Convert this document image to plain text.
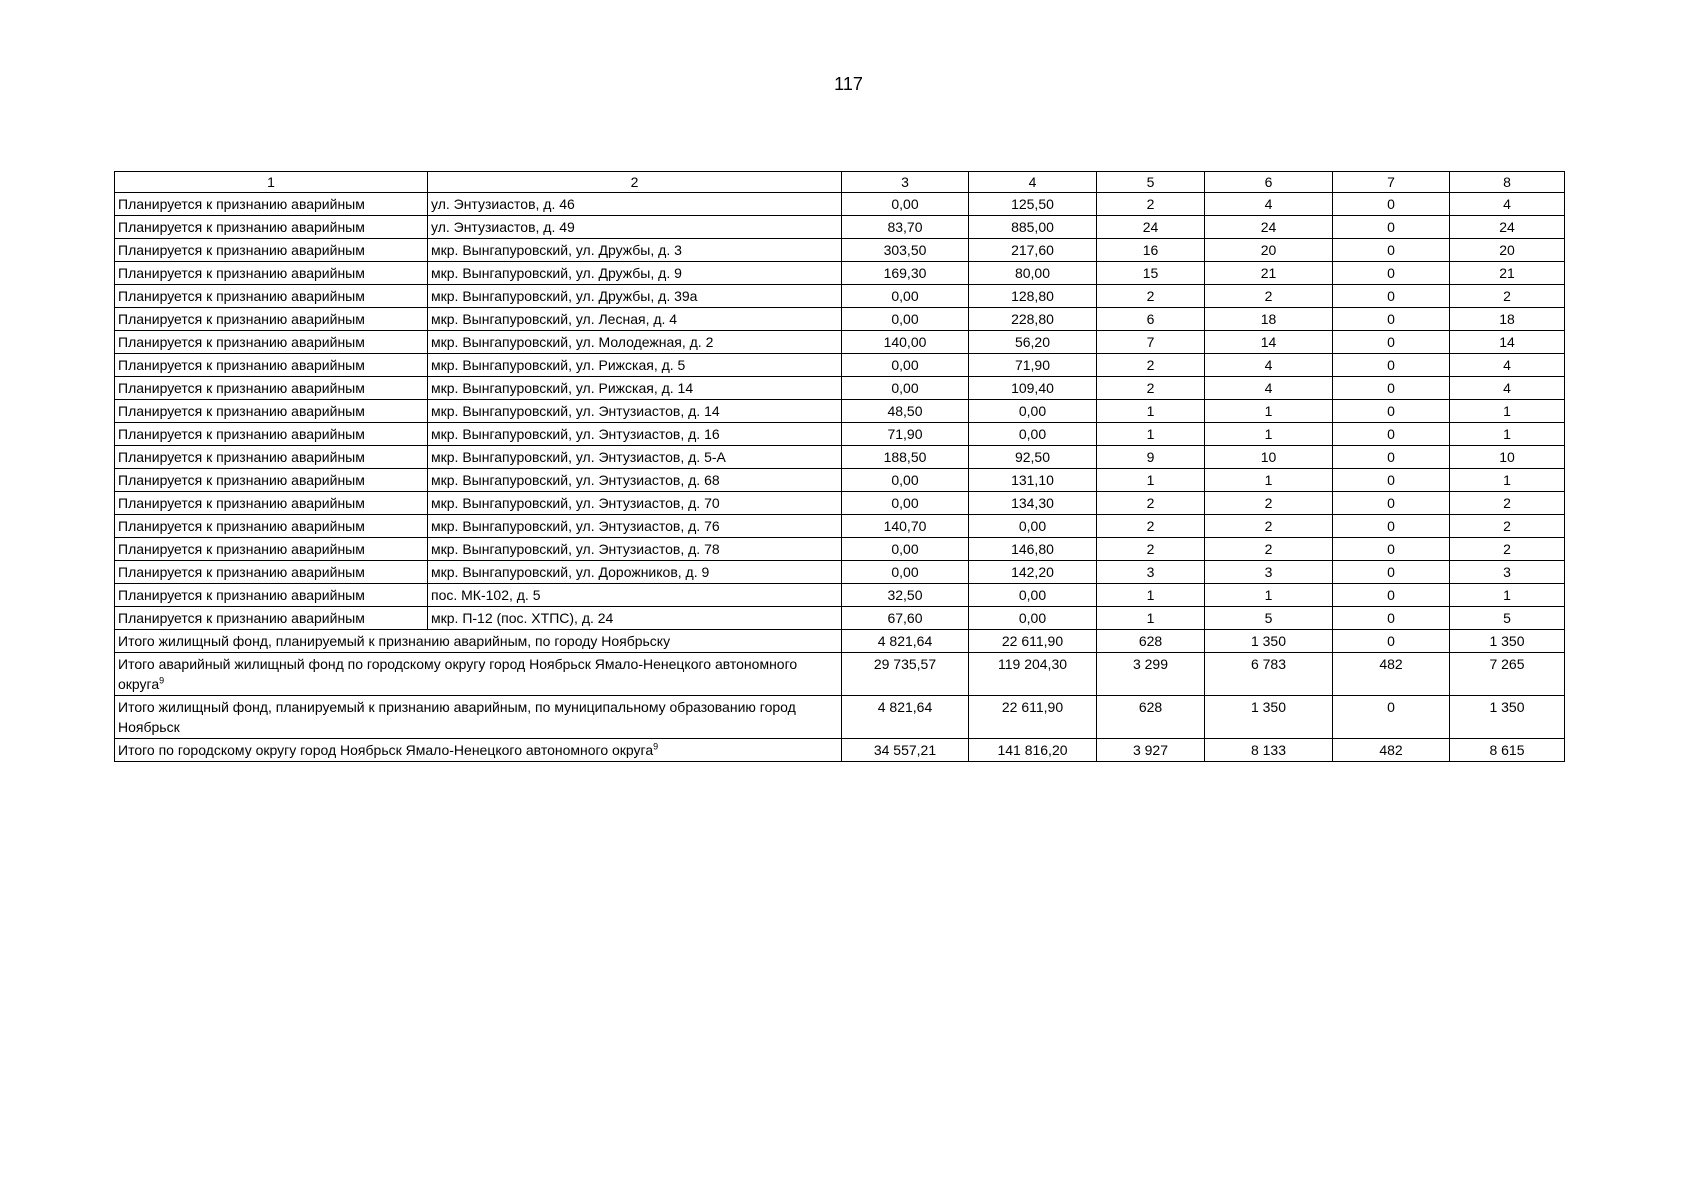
117
1	2	3	4	5	6	7	8
Планируется к признанию аварийным	ул. Энтузиастов, д. 46	0,00	125,50	2	4	0	4
Планируется к признанию аварийным	ул. Энтузиастов, д. 49	83,70	885,00	24	24	0	24
Планируется к признанию аварийным	мкр. Вынгапуровский, ул. Дружбы, д. 3	303,50	217,60	16	20	0	20
Планируется к признанию аварийным	мкр. Вынгапуровский, ул. Дружбы, д. 9	169,30	80,00	15	21	0	21
Планируется к признанию аварийным	мкр. Вынгапуровский, ул. Дружбы, д. 39а	0,00	128,80	2	2	0	2
Планируется к признанию аварийным	мкр. Вынгапуровский, ул. Лесная, д. 4	0,00	228,80	6	18	0	18
Планируется к признанию аварийным	мкр. Вынгапуровский, ул. Молодежная, д. 2	140,00	56,20	7	14	0	14
Планируется к признанию аварийным	мкр. Вынгапуровский, ул. Рижская, д. 5	0,00	71,90	2	4	0	4
Планируется к признанию аварийным	мкр. Вынгапуровский, ул. Рижская, д. 14	0,00	109,40	2	4	0	4
Планируется к признанию аварийным	мкр. Вынгапуровский, ул. Энтузиастов, д. 14	48,50	0,00	1	1	0	1
Планируется к признанию аварийным	мкр. Вынгапуровский, ул. Энтузиастов, д. 16	71,90	0,00	1	1	0	1
Планируется к признанию аварийным	мкр. Вынгапуровский, ул. Энтузиастов, д. 5-А	188,50	92,50	9	10	0	10
Планируется к признанию аварийным	мкр. Вынгапуровский, ул. Энтузиастов, д. 68	0,00	131,10	1	1	0	1
Планируется к признанию аварийным	мкр. Вынгапуровский, ул. Энтузиастов, д. 70	0,00	134,30	2	2	0	2
Планируется к признанию аварийным	мкр. Вынгапуровский, ул. Энтузиастов, д. 76	140,70	0,00	2	2	0	2
Планируется к признанию аварийным	мкр. Вынгапуровский, ул. Энтузиастов, д. 78	0,00	146,80	2	2	0	2
Планируется к признанию аварийным	мкр. Вынгапуровский, ул. Дорожников, д. 9	0,00	142,20	3	3	0	3
Планируется к признанию аварийным	пос. МК-102, д. 5	32,50	0,00	1	1	0	1
Планируется к признанию аварийным	мкр. П-12 (пос. ХТПС), д. 24	67,60	0,00	1	5	0	5
Итого жилищный фонд, планируемый к признанию аварийным, по городу Ноябрьску		4 821,64	22 611,90	628	1 350	0	1 350
Итого аварийный жилищный фонд по городскому округу город Ноябрьск Ямало-Ненецкого автономного округа$^9$		29 735,57	119 204,30	3 299	6 783	482	7 265
Итого жилищный фонд, планируемый к признанию аварийным, по муниципальному образованию город Ноябрьск		4 821,64	22 611,90	628	1 350	0	1 350
Итого по городскому округу город Ноябрьск Ямало-Ненецкого автономного округа$^9$		34 557,21	141 816,20	3 927	8 133	482	8 615
